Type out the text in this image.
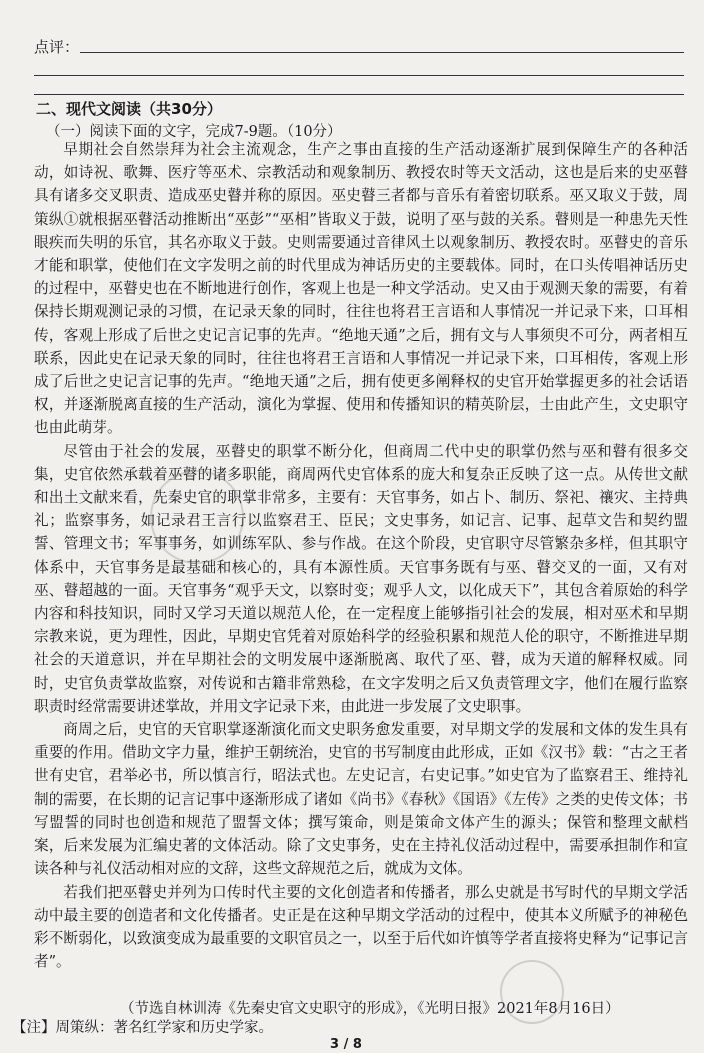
点评：
二、现代文阅读（共30分）
（一）阅读下面的文字，完成7-9题。（10分）

早期社会自然崇拜为社会主流观念，生产之事由直接的生产活动逐渐扩展到保障生产的各种活动，如诗祝、歌舞、医疗等巫术、宗教活动和观象制历、教授农时等天文活动，这也是后来的史巫瞽具有诸多交叉职责、造成巫史瞽并称的原因。巫史瞽三者都与音乐有着密切联系。巫又取义于鼓，周策纵①就根据巫瞽活动推断出“巫彭”“巫相”皆取义于鼓，说明了巫与鼓的关系。瞽则是一种患先天性眼疾而失明的乐官，其名亦取义于鼓。史则需要通过音律风土以观象制历、教授农时。巫瞽史的音乐才能和职掌，使他们在文字发明之前的时代里成为神话历史的主要载体。同时，在口头传唱神话历史的过程中，巫瞽史也在不断地进行创作，客观上也是一种文学活动。史又由于观测天象的需要，有着保持长期观测记录的习惯，在记录天象的同时，往往也将君王言语和人事情况一并记录下来，口耳相传，客观上形成了后世之史记言记事的先声。“绝地天通”之后，拥有文与人事须臾不可分，两者相互联系，因此史在记录天象的同时，往往也将君王言语和人事情况一并记录下来，口耳相传，客观上形成了后世之史记言记事的先声。“绝地天通”之后，拥有使更多阐释权的史官开始掌握更多的社会话语权，并逐渐脱离直接的生产活动，演化为掌握、使用和传播知识的精英阶层，士由此产生，文史职守也由此萌芽。

尽管由于社会的发展，巫瞽史的职掌不断分化，但商周二代中史的职掌仍然与巫和瞽有很多交集，史官依然承载着巫瞽的诸多职能，商周两代史官体系的庞大和复杂正反映了这一点。从传世文献和出土文献来看，先秦史官的职掌非常多，主要有：天官事务，如占卜、制历、祭祀、禳灾、主持典礼；监察事务，如记录君王言行以监察君王、臣民；文史事务，如记言、记事、起草文告和契约盟誓、管理文书；军事事务，如训练军队、参与作战。在这个阶段，史官职守尽管繁杂多样，但其职守体系中，天官事务是最基础和核心的，具有本源性质。天官事务既有与巫、瞽交叉的一面，又有对巫、瞽超越的一面。天官事务“观乎天文，以察时变；观乎人文，以化成天下”，其包含着原始的科学内容和科技知识，同时又学习天道以规范人伦，在一定程度上能够指引社会的发展，相对巫术和早期宗教来说，更为理性，因此，早期史官凭着对原始科学的经验积累和规范人伦的职守，不断推进早期社会的天道意识，并在早期社会的文明发展中逐渐脱离、取代了巫、瞽，成为天道的解释权威。同时，史官负责掌故监察，对传说和古籍非常熟稔，在文字发明之后又负责管理文字，他们在履行监察职责时经常需要讲述掌故，并用文字记录下来，由此进一步发展了文史职事。

商周之后，史官的天官职掌逐渐演化而文史职务愈发重要，对早期文学的发展和文体的发生具有重要的作用。借助文字力量，维护王朝统治，史官的书写制度由此形成，正如《汉书》载：“古之王者世有史官，君举必书，所以慎言行，昭法式也。左史记言，右史记事。”如史官为了监察君王、维持礼制的需要，在长期的记言记事中逐渐形成了诸如《尚书》《春秋》《国语》《左传》之类的史传文体；书写盟誓的同时也创造和规范了盟誓文体；撰写策命，则是策命文体产生的源头；保管和整理文献档案，后来发展为汇编史著的文体活动。除了文史事务，史在主持礼仪活动过程中，需要承担制作和宣读各种与礼仪活动相对应的文辞，这些文辞规范之后，就成为文体。

若我们把巫瞽史并列为口传时代主要的文化创造者和传播者，那么史就是书写时代的早期文学活动中最主要的创造者和文化传播者。史正是在这种早期文学活动的过程中，使其本义所赋予的神秘色彩不断弱化，以致演变成为最重要的文职官员之一，以至于后代如许慎等学者直接将史释为“记事记言者”。

（节选自林训涛《先秦史官文史职守的形成》，《光明日报》2021年8月16日）
【注】周策纵：著名红学家和历史学家。
3 / 8
